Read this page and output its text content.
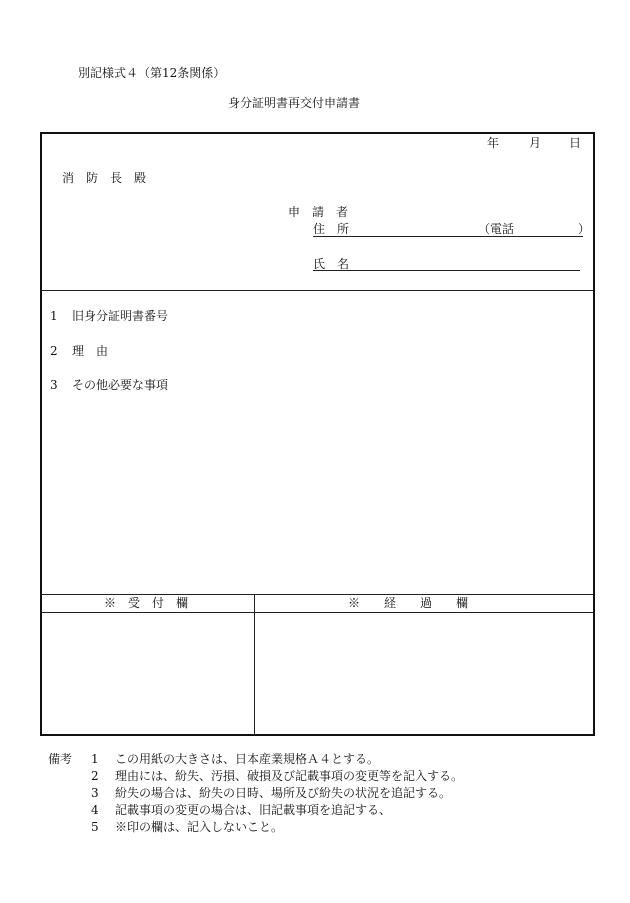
別記様式４（第12条関係）
身分証明書再交付申請書
年 月 日
消防長殿
申請者
住所	（電話	）
氏名
1 旧身分証明書番号
2 理由
3 その他必要な事項
※受付欄	※経過欄
備考 1 この用紙の大きさは、日本産業規格Ａ４とする。
2 理由には、紛失、汚損、破損及び記載事項の変更等を記入する。
3 紛失の場合は、紛失の日時、場所及び紛失の状況を追記する。
4 記載事項の変更の場合は、旧記載事項を追記する、
5 ※印の欄は、記入しないこと。
